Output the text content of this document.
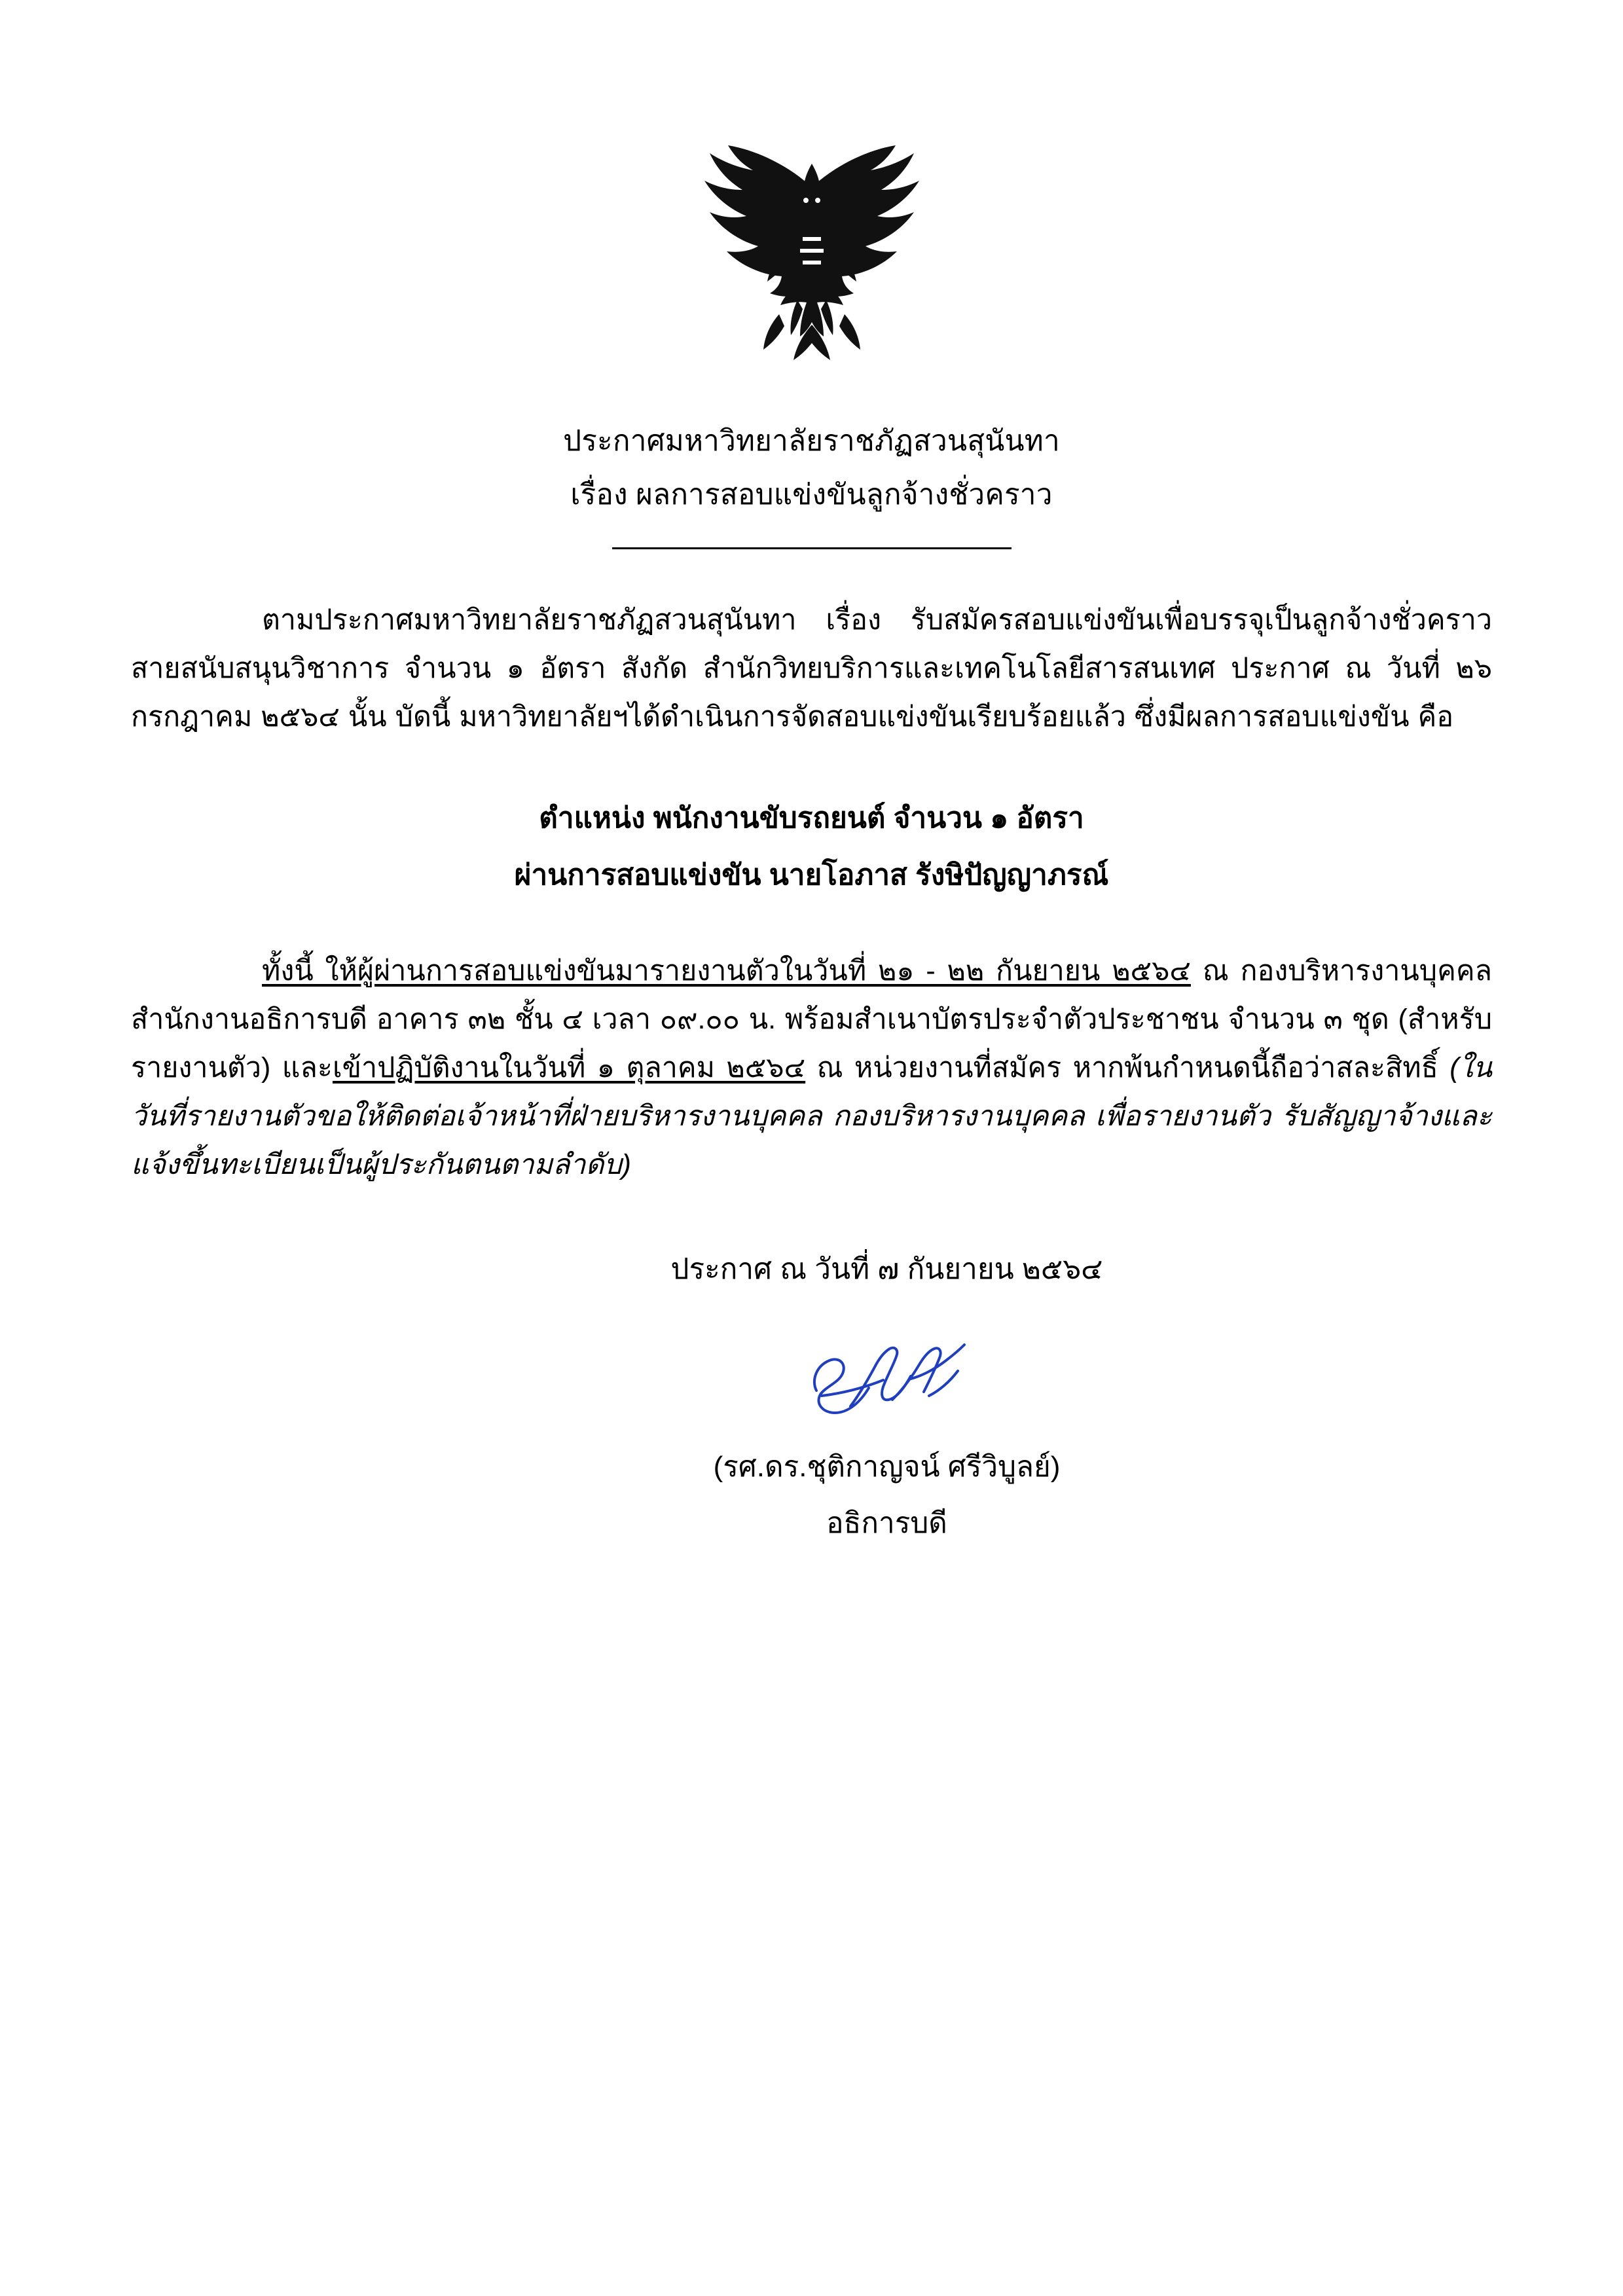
ประกาศมหาวิทยาลัยราชภัฏสวนสุนันทา
เรื่อง ผลการสอบแข่งขันลูกจ้างชั่วคราว
ตามประกาศมหาวิทยาลัยราชภัฏสวนสุนันทา เรื่อง รับสมัครสอบแข่งขันเพื่อบรรจุเป็นลูกจ้างชั่วคราว สายสนับสนุนวิชาการ จำนวน ๑ อัตรา สังกัด สำนักวิทยบริการและเทคโนโลยีสารสนเทศ ประกาศ ณ วันที่ ๒๖ กรกฎาคม ๒๕๖๔ นั้น บัดนี้ มหาวิทยาลัยฯได้ดำเนินการจัดสอบแข่งขันเรียบร้อยแล้ว ซึ่งมีผลการสอบแข่งขัน คือ
ตำแหน่ง พนักงานขับรถยนต์ จำนวน ๑ อัตรา
ผ่านการสอบแข่งขัน นายโอภาส รังษิปัญญาภรณ์
ทั้งนี้ ให้ผู้ผ่านการสอบแข่งขันมารายงานตัวในวันที่ ๒๑ - ๒๒ กันยายน ๒๕๖๔ ณ กองบริหารงานบุคคล สำนักงานอธิการบดี อาคาร ๓๒ ชั้น ๔ เวลา ๐๙.๐๐ น. พร้อมสำเนาบัตรประจำตัวประชาชน จำนวน ๓ ชุด (สำหรับรายงานตัว) และเข้าปฏิบัติงานในวันที่ ๑ ตุลาคม ๒๕๖๔ ณ หน่วยงานที่สมัคร หากพ้นกำหนดนี้ถือว่าสละสิทธิ์ (ในวันที่รายงานตัวขอให้ติดต่อเจ้าหน้าที่ฝ่ายบริหารงานบุคคล กองบริหารงานบุคคล เพื่อรายงานตัว รับสัญญาจ้างและแจ้งขึ้นทะเบียนเป็นผู้ประกันตนตามลำดับ)
ประกาศ ณ วันที่ ๗ กันยายน ๒๕๖๔
(รศ.ดร.ชุติกาญจน์ ศรีวิบูลย์)
อธิการบดี
